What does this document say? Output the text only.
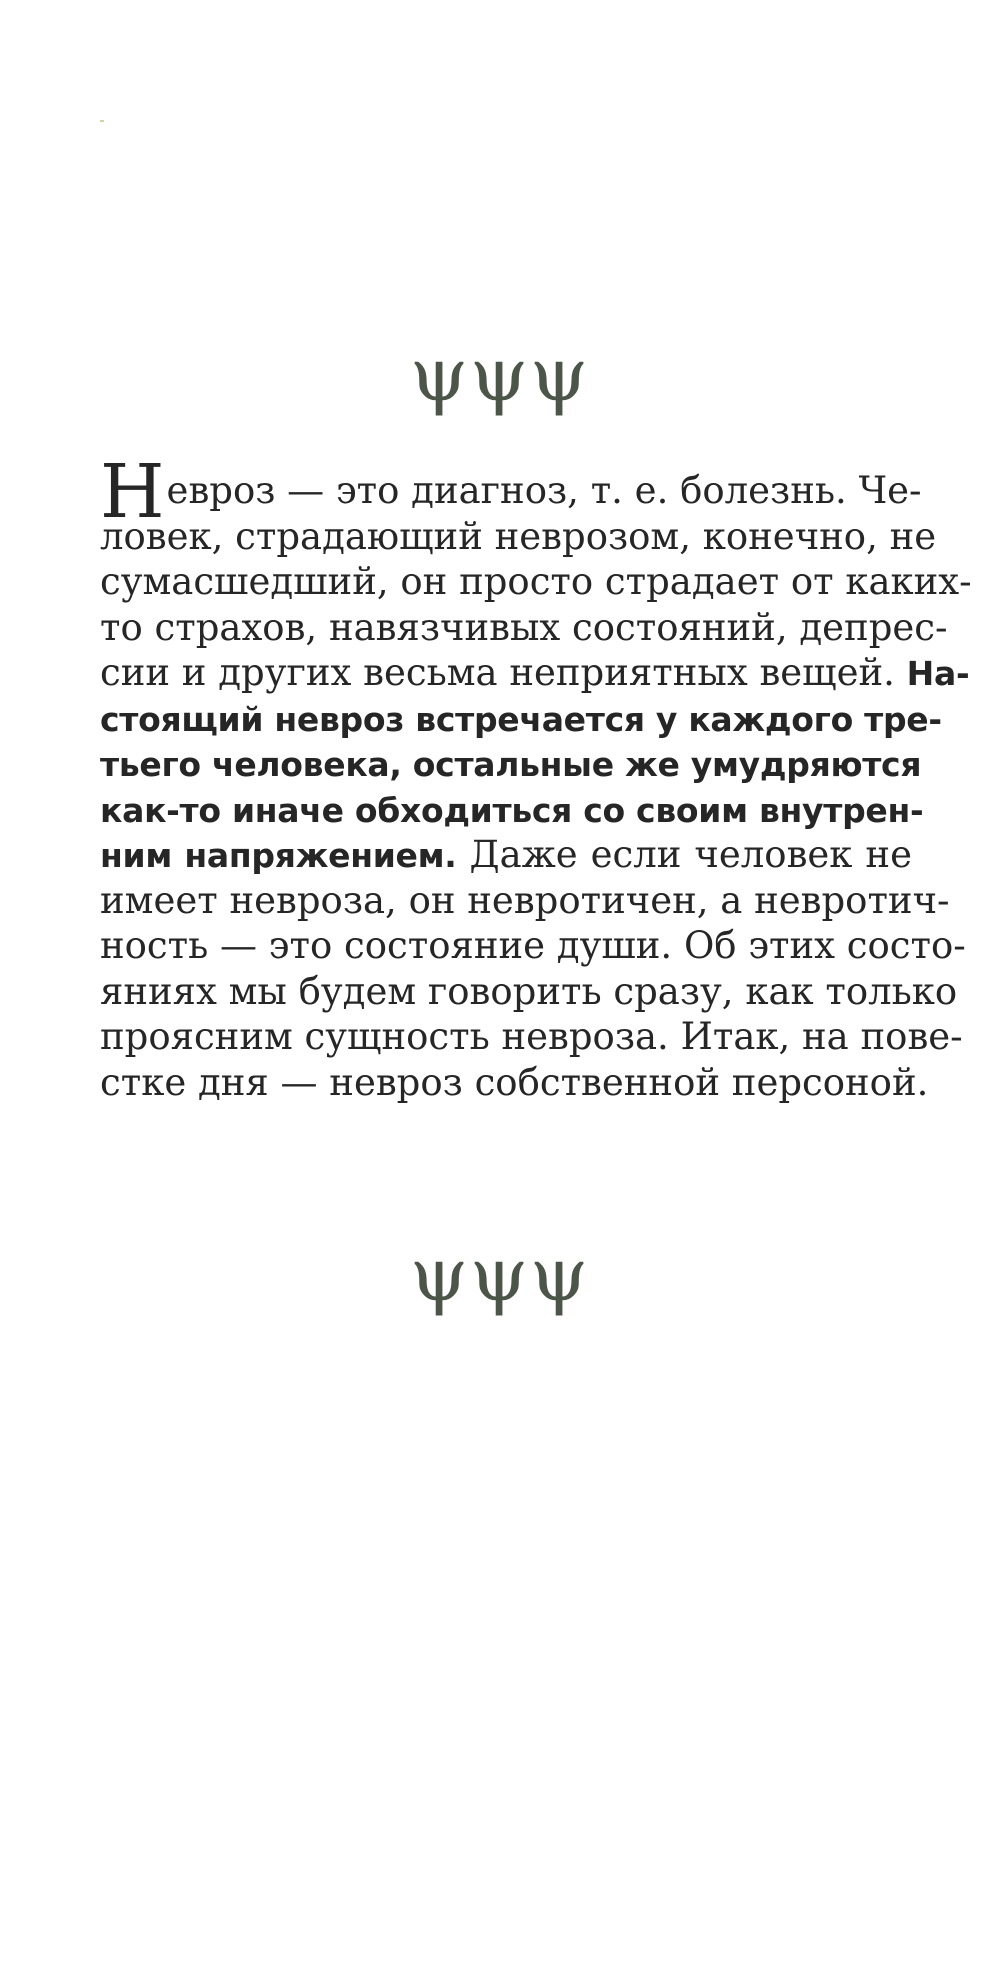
ψψψ
Невроз — это диагноз, т. е. болезнь. Че-
ловек, страдающий неврозом, конечно, не
сумасшедший, он просто страдает от каких-
то страхов, навязчивых состояний, депрес-
сии и других весьма неприятных вещей. На-
стоящий невроз встречается у каждого тре-
тьего человека, остальные же умудряются
как-то иначе обходиться со своим внутрен-
ним напряжением. Даже если человек не
имеет невроза, он невротичен, а невротич-
ность — это состояние души. Об этих состо-
яниях мы будем говорить сразу, как только
проясним сущность невроза. Итак, на пове-
стке дня — невроз собственной персоной.
ψψψ
